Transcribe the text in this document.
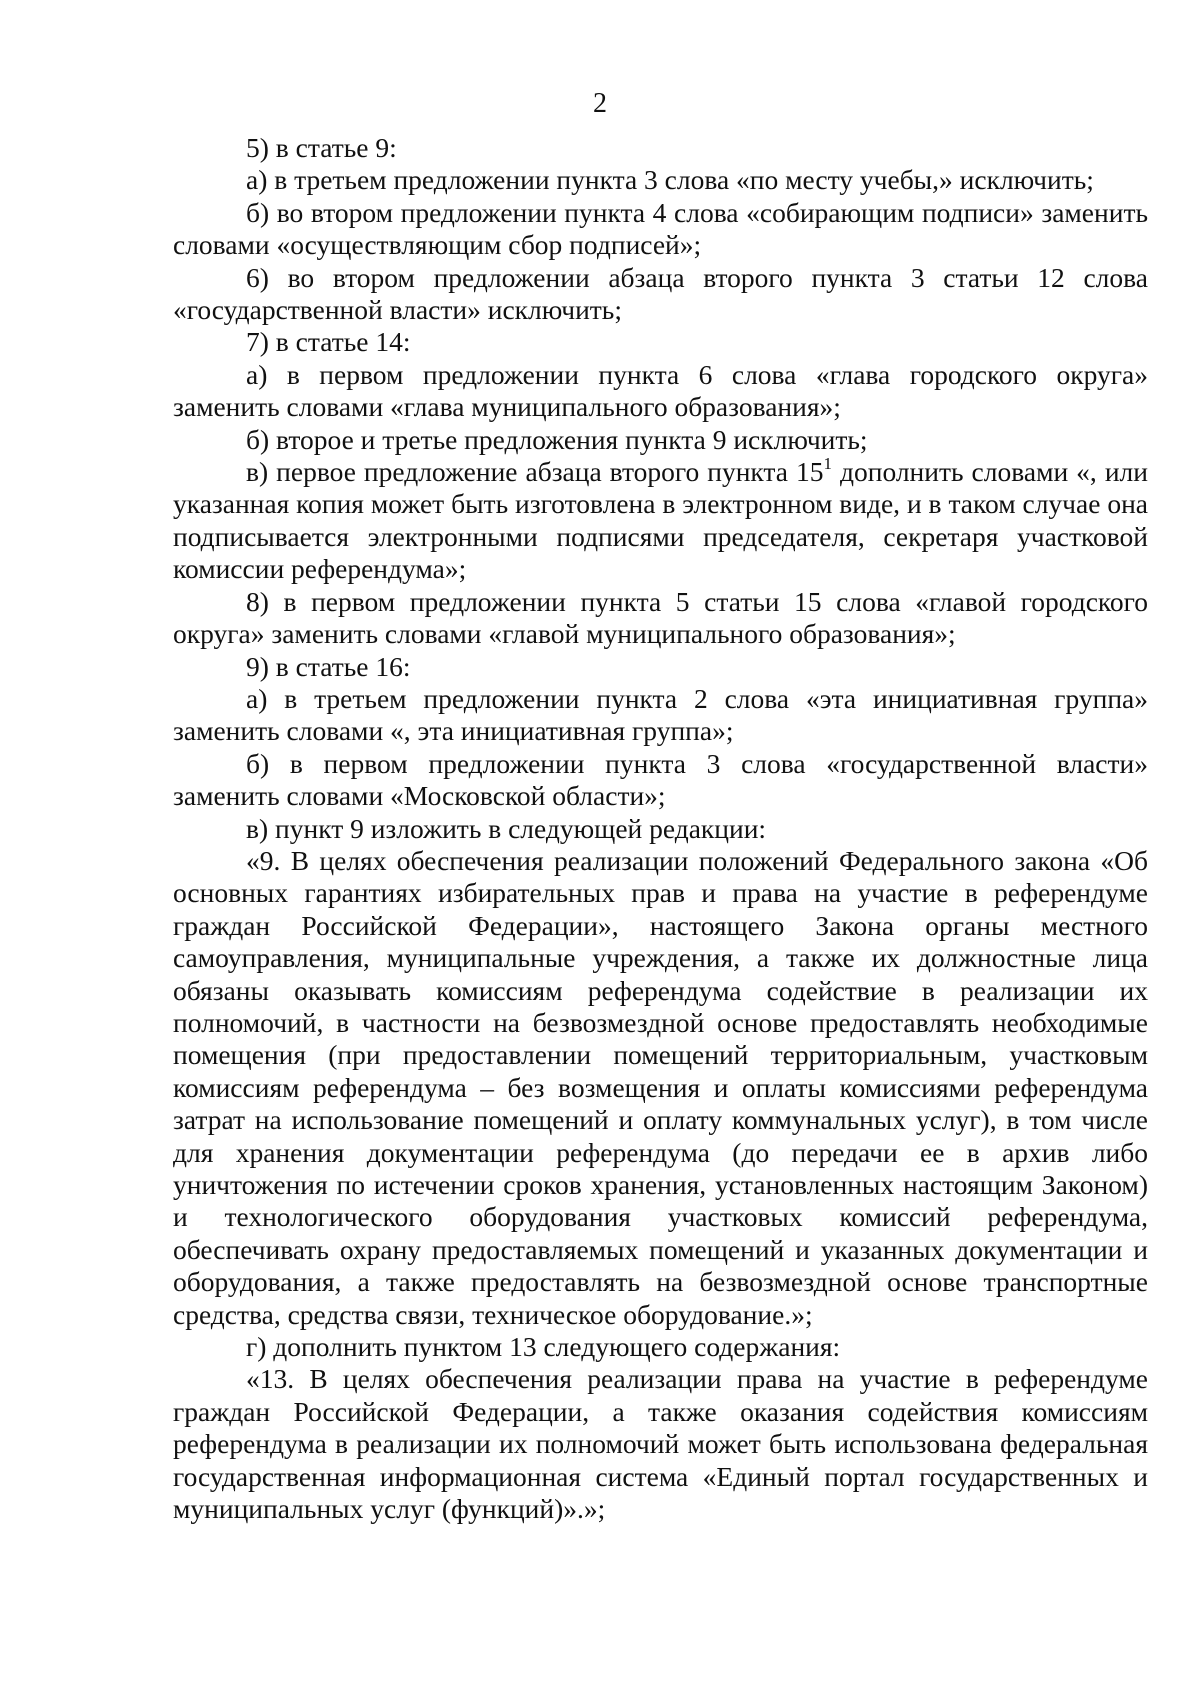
2

5) в статье 9:

а) в третьем предложении пункта 3 слова «по месту учебы,» исключить;

б) во втором предложении пункта 4 слова «собирающим подписи» заменить словами «осуществляющим сбор подписей»;

6) во втором предложении абзаца второго пункта 3 статьи 12 слова «государственной власти» исключить;

7) в статье 14:

а) в первом предложении пункта 6 слова «глава городского округа» заменить словами «глава муниципального образования»;

б) второе и третье предложения пункта 9 исключить;

в) первое предложение абзаца второго пункта $15^1$ дополнить словами «, или указанная копия может быть изготовлена в электронном виде, и в таком случае она подписывается электронными подписями председателя, секретаря участковой комиссии референдума»;

8) в первом предложении пункта 5 статьи 15 слова «главой городского округа» заменить словами «главой муниципального образования»;

9) в статье 16:

а) в третьем предложении пункта 2 слова «эта инициативная группа» заменить словами «, эта инициативная группа»;

б) в первом предложении пункта 3 слова «государственной власти» заменить словами «Московской области»;

в) пункт 9 изложить в следующей редакции:

«9. В целях обеспечения реализации положений Федерального закона «Об основных гарантиях избирательных прав и права на участие в референдуме граждан Российской Федерации», настоящего Закона органы местного самоуправления, муниципальные учреждения, а также их должностные лица обязаны оказывать комиссиям референдума содействие в реализации их полномочий, в частности на безвозмездной основе предоставлять необходимые помещения (при предоставлении помещений территориальным, участковым комиссиям референдума – без возмещения и оплаты комиссиями референдума затрат на использование помещений и оплату коммунальных услуг), в том числе для хранения документации референдума (до передачи ее в архив либо уничтожения по истечении сроков хранения, установленных настоящим Законом) и технологического оборудования участковых комиссий референдума, обеспечивать охрану предоставляемых помещений и указанных документации и оборудования, а также предоставлять на безвозмездной основе транспортные средства, средства связи, техническое оборудование.»;

г) дополнить пунктом 13 следующего содержания:

«13. В целях обеспечения реализации права на участие в референдуме граждан Российской Федерации, а также оказания содействия комиссиям референдума в реализации их полномочий может быть использована федеральная государственная информационная система «Единый портал государственных и муниципальных услуг (функций)».»;
